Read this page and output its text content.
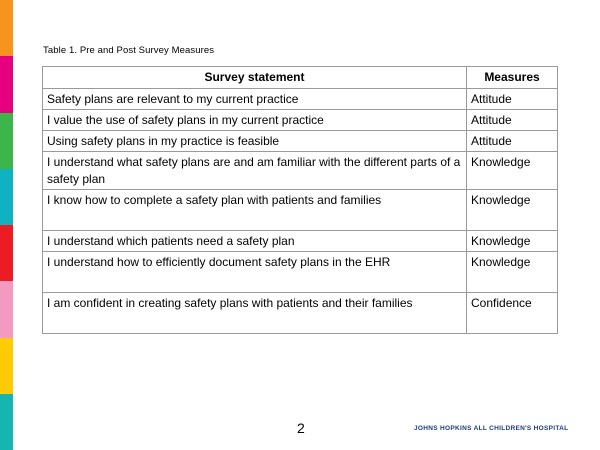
Table 1. Pre and Post Survey Measures
Survey statement	Measures
Safety plans are relevant to my current practice	Attitude
I value the use of safety plans in my current practice	Attitude
Using safety plans in my practice is feasible	Attitude
I understand what safety plans are and am familiar with the different parts of a safety plan	Knowledge
I know how to complete a safety plan with patients and families	Knowledge
I understand which patients need a safety plan	Knowledge
I understand how to efficiently document safety plans in the EHR	Knowledge
I am confident in creating safety plans with patients and their families	Confidence
2	JOHNS HOPKINS ALL CHILDREN'S HOSPITAL
